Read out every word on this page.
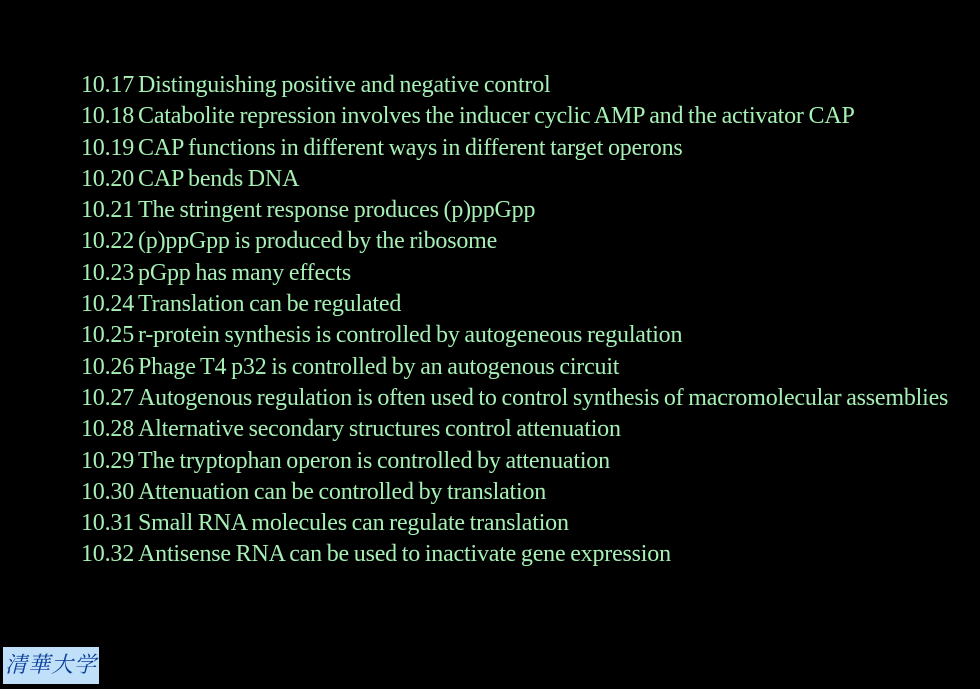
10.17 Distinguishing positive and negative control
10.18 Catabolite repression involves the inducer cyclic AMP and the activator CAP
10.19 CAP functions in different ways in different target operons
10.20 CAP bends DNA
10.21 The stringent response produces (p)ppGpp
10.22 (p)ppGpp is produced by the ribosome
10.23 pGpp has many effects
10.24 Translation can be regulated
10.25 r-protein synthesis is controlled by autogeneous regulation
10.26 Phage T4 p32 is controlled by an autogenous circuit
10.27 Autogenous regulation is often used to control synthesis of macromolecular assemblies
10.28 Alternative secondary structures control attenuation
10.29 The tryptophan operon is controlled by attenuation
10.30 Attenuation can be controlled by translation
10.31 Small RNA molecules can regulate translation
10.32 Antisense RNA can be used to inactivate gene expression
清華大学
